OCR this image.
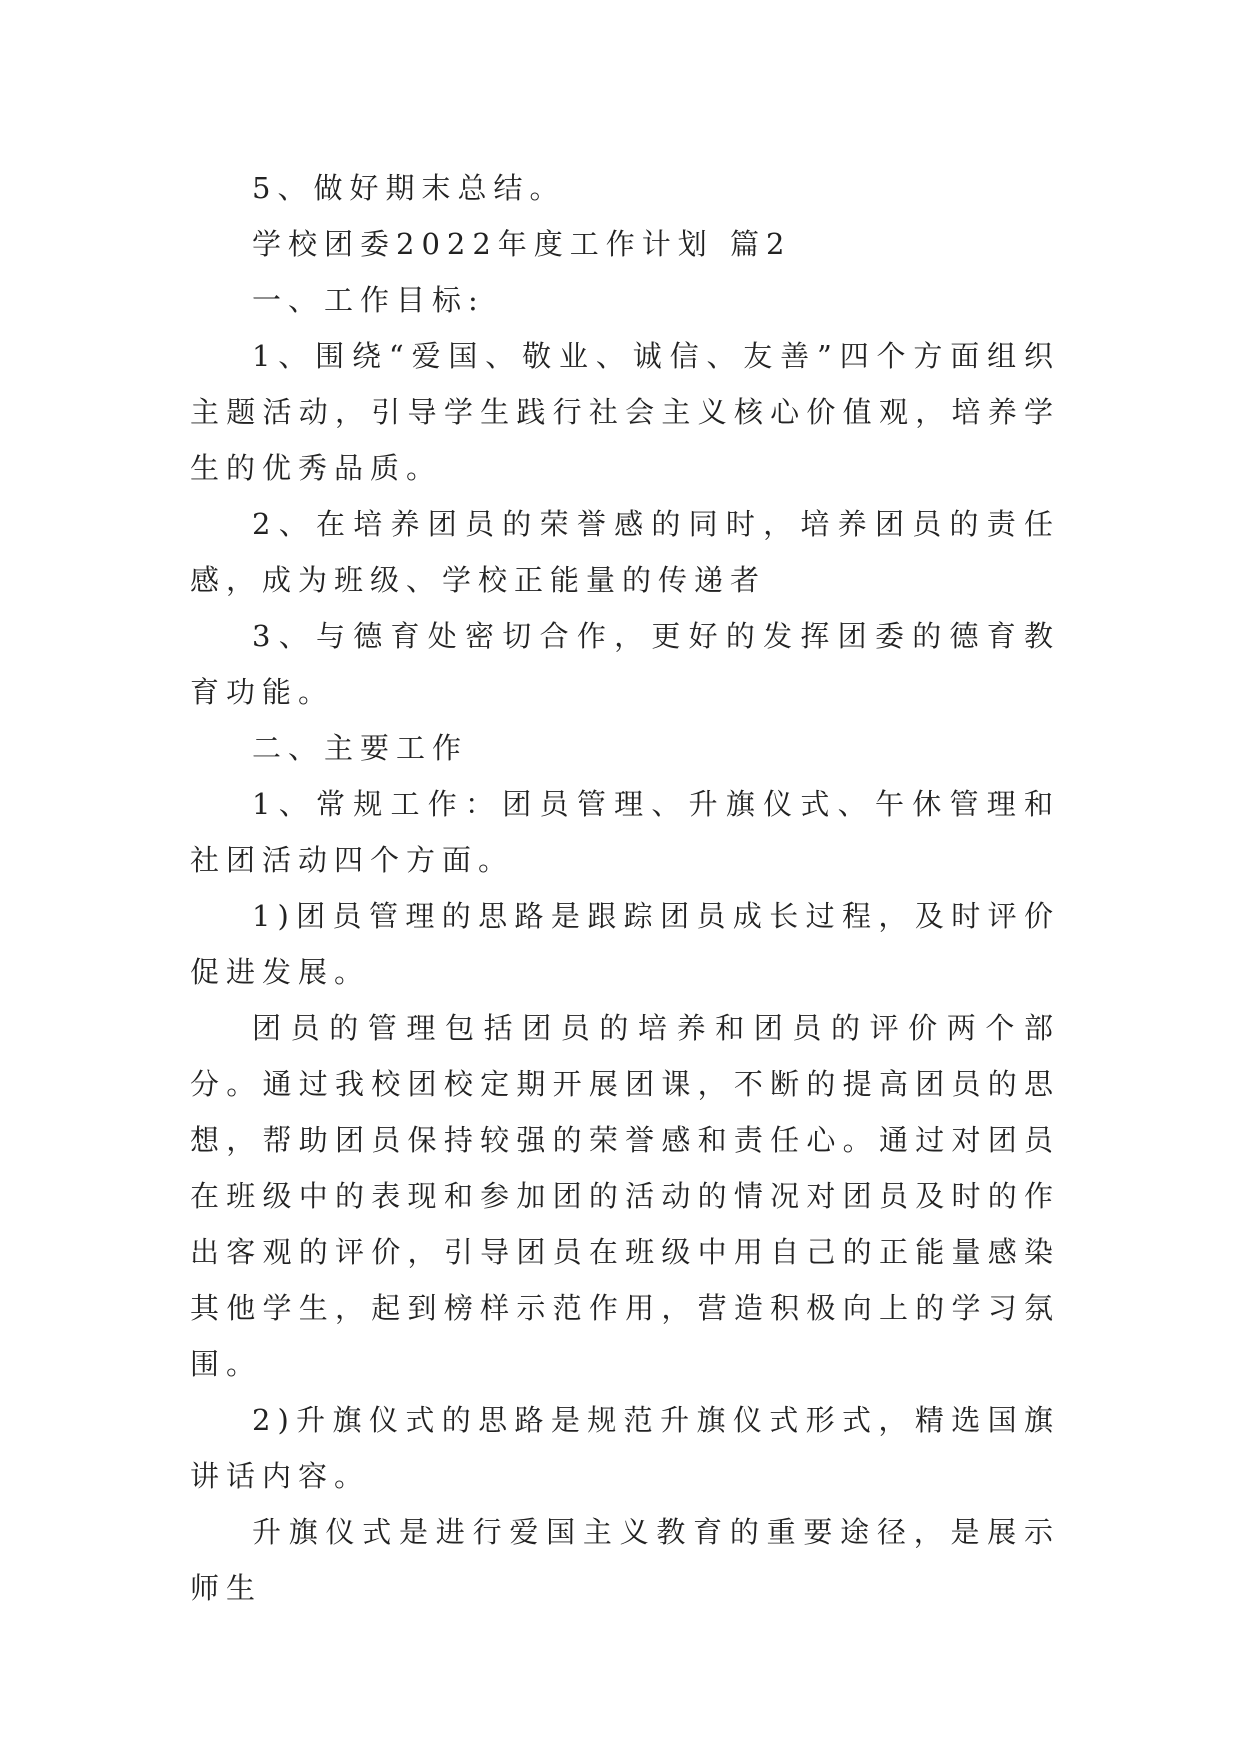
5、做好期末总结。

学校团委2022年度工作计划 篇2

一、工作目标:

1、围绕“爱国、敬业、诚信、友善”四个方面组织主题活动，引导学生践行社会主义核心价值观，培养学生的优秀品质。

2、在培养团员的荣誉感的同时，培养团员的责任感，成为班级、学校正能量的传递者

3、与德育处密切合作，更好的发挥团委的德育教育功能。

二、主要工作

1、常规工作：团员管理、升旗仪式、午休管理和社团活动四个方面。

1)团员管理的思路是跟踪团员成长过程，及时评价促进发展。

团员的管理包括团员的培养和团员的评价两个部分。通过我校团校定期开展团课，不断的提高团员的思想，帮助团员保持较强的荣誉感和责任心。通过对团员在班级中的表现和参加团的活动的情况对团员及时的作出客观的评价，引导团员在班级中用自己的正能量感染其他学生，起到榜样示范作用，营造积极向上的学习氛围。

2)升旗仪式的思路是规范升旗仪式形式，精选国旗讲话内容。

升旗仪式是进行爱国主义教育的重要途径，是展示师生
